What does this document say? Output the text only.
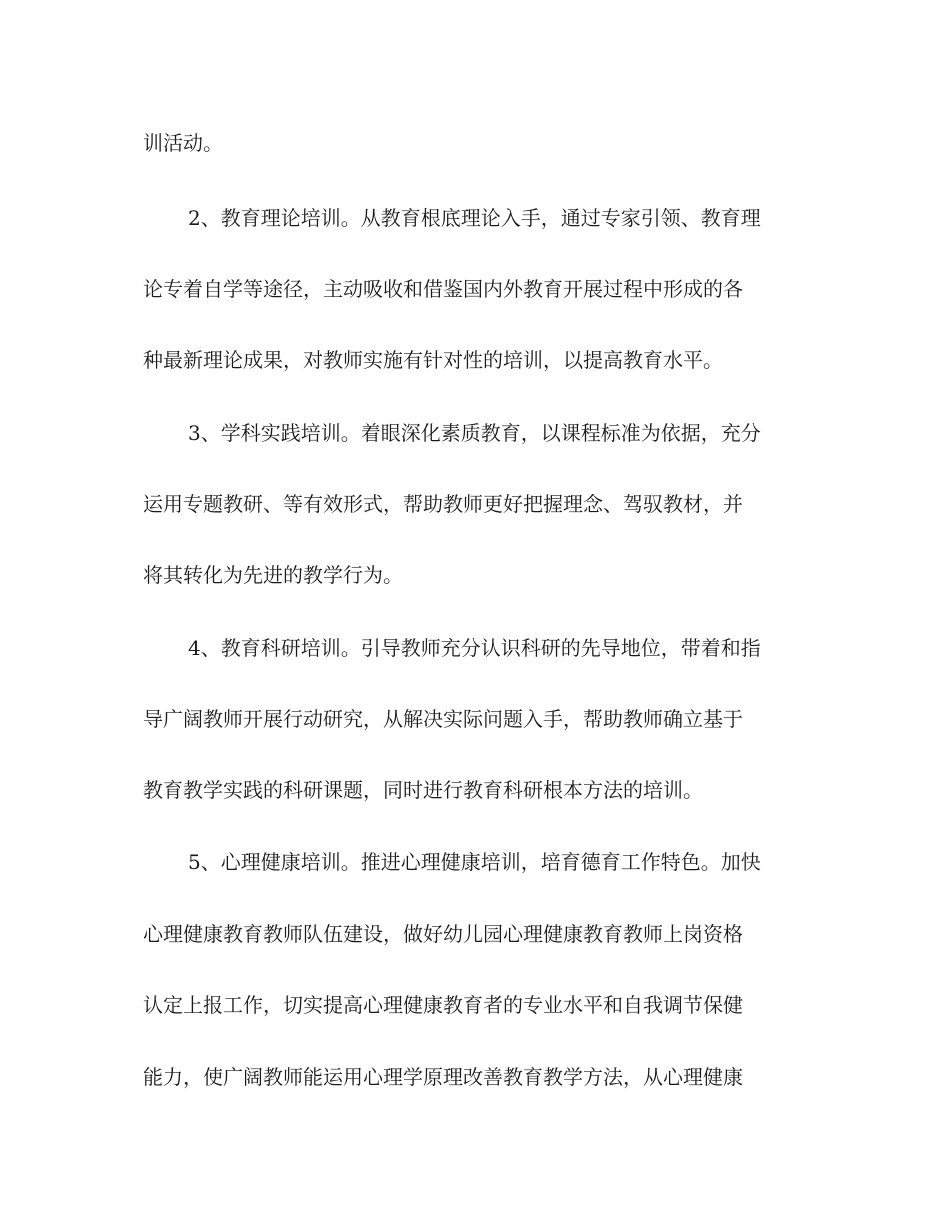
训活动。
2、教育理论培训。从教育根底理论入手，通过专家引领、教育理
论专着自学等途径，主动吸收和借鉴国内外教育开展过程中形成的各
种最新理论成果，对教师实施有针对性的培训，以提高教育水平。
3、学科实践培训。着眼深化素质教育，以课程标准为依据，充分
运用专题教研、等有效形式，帮助教师更好把握理念、驾驭教材，并
将其转化为先进的教学行为。
4、教育科研培训。引导教师充分认识科研的先导地位，带着和指
导广阔教师开展行动研究，从解决实际问题入手，帮助教师确立基于
教育教学实践的科研课题，同时进行教育科研根本方法的培训。
5、心理健康培训。推进心理健康培训，培育德育工作特色。加快
心理健康教育教师队伍建设，做好幼儿园心理健康教育教师上岗资格
认定上报工作，切实提高心理健康教育者的专业水平和自我调节保健
能力，使广阔教师能运用心理学原理改善教育教学方法，从心理健康
